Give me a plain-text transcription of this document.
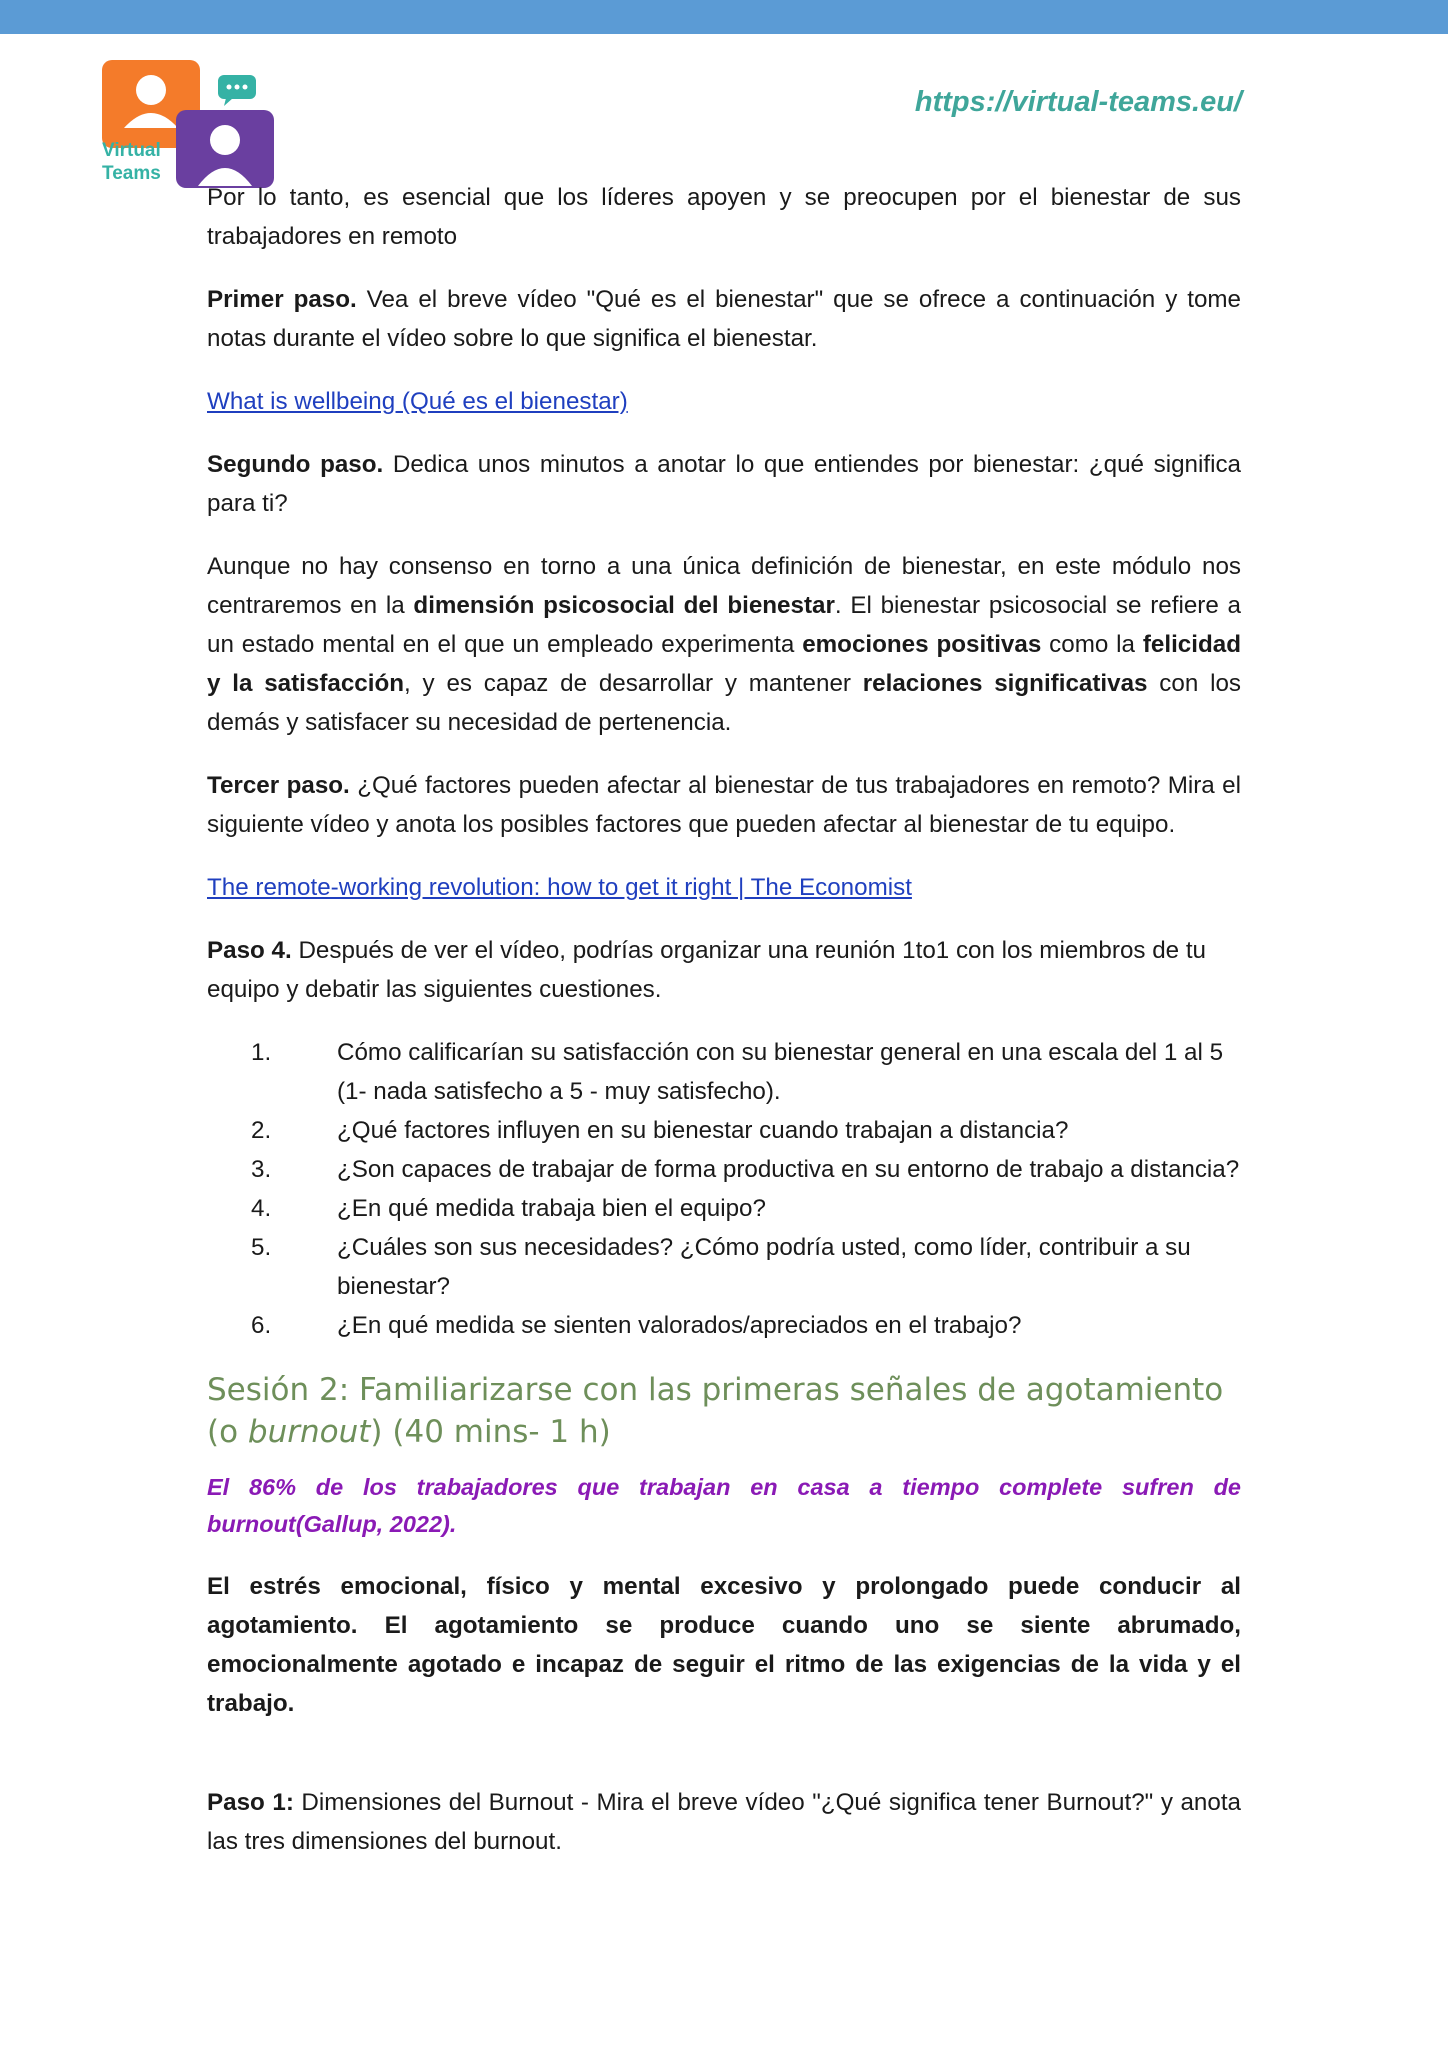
Virtual
Teams
https://virtual-teams.eu/

Por lo tanto, es esencial que los líderes apoyen y se preocupen por el bienestar de sus trabajadores en remoto

Primer paso. Vea el breve vídeo "Qué es el bienestar" que se ofrece a continuación y tome notas durante el vídeo sobre lo que significa el bienestar.

What is wellbeing (Qué es el bienestar)

Segundo paso. Dedica unos minutos a anotar lo que entiendes por bienestar: ¿qué significa para ti?

Aunque no hay consenso en torno a una única definición de bienestar, en este módulo nos centraremos en la dimensión psicosocial del bienestar. El bienestar psicosocial se refiere a un estado mental en el que un empleado experimenta emociones positivas como la felicidad y la satisfacción, y es capaz de desarrollar y mantener relaciones significativas con los demás y satisfacer su necesidad de pertenencia.

Tercer paso. ¿Qué factores pueden afectar al bienestar de tus trabajadores en remoto? Mira el siguiente vídeo y anota los posibles factores que pueden afectar al bienestar de tu equipo.

The remote-working revolution: how to get it right | The Economist

Paso 4. Después de ver el vídeo, podrías organizar una reunión 1to1 con los miembros de tu equipo y debatir las siguientes cuestiones.

1.	Cómo calificarían su satisfacción con su bienestar general en una escala del 1 al 5 (1- nada satisfecho a 5 - muy satisfecho).
2.	¿Qué factores influyen en su bienestar cuando trabajan a distancia?
3.	¿Son capaces de trabajar de forma productiva en su entorno de trabajo a distancia?
4.	¿En qué medida trabaja bien el equipo?
5.	¿Cuáles son sus necesidades? ¿Cómo podría usted, como líder, contribuir a su bienestar?
6.	¿En qué medida se sienten valorados/apreciados en el trabajo?
Sesión 2: Familiarizarse con las primeras señales de agotamiento (o burnout) (40 mins- 1 h)

El 86% de los trabajadores que trabajan en casa a tiempo complete sufren de burnout(Gallup, 2022).

El estrés emocional, físico y mental excesivo y prolongado puede conducir al agotamiento. El agotamiento se produce cuando uno se siente abrumado, emocionalmente agotado e incapaz de seguir el ritmo de las exigencias de la vida y el trabajo.

Paso 1: Dimensiones del Burnout - Mira el breve vídeo "¿Qué significa tener Burnout?" y anota las tres dimensiones del burnout.
